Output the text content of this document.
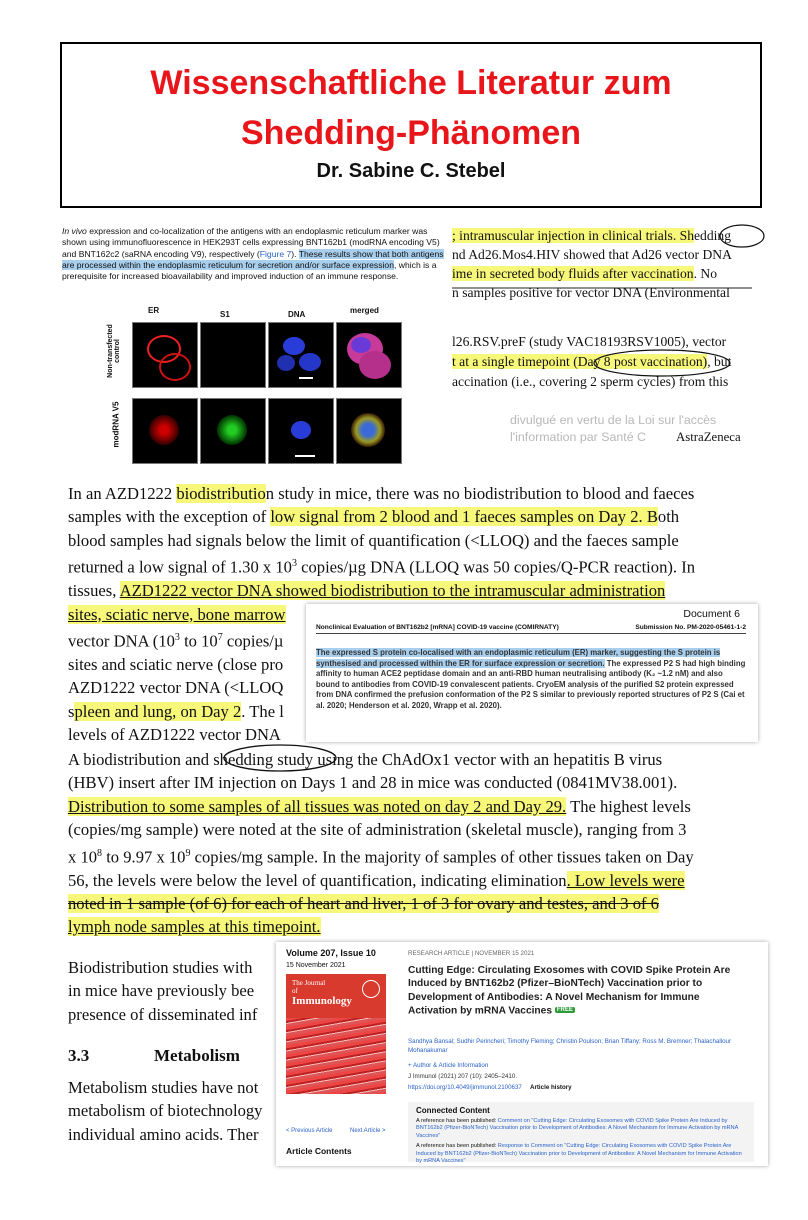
Wissenschaftliche Literatur zum
Shedding-Phänomen
Dr. Sabine C. Stebel
In vivo expression and co-localization of the antigens with an endoplasmic reticulum marker was shown using immunofluorescence in HEK293T cells expressing BNT162b1 (modRNA encoding V5) and BNT162c2 (saRNA encoding V9), respectively (Figure 7). These results show that both antigens are processed within the endoplasmic reticulum for secretion and/or surface expression, which is a prerequisite for increased bioavailability and improved induction of an immune response.
ER	S1	DNA	merged
Non-transfected control
modRNA V5
; intramuscular injection in clinical trials. Shedding
nd Ad26.Mos4.HIV showed that Ad26 vector DNA
ime in secreted body fluids after vaccination. No
n samples positive for vector DNA (Environmental
l26.RSV.preF (study VAC18193RSV1005), vector
t at a single timepoint (Day 8 post vaccination), but
accination (i.e., covering 2 sperm cycles) from this
divulgué en vertu de la Loi sur l'accès
l'information par Santé C	AstraZeneca
In an AZD1222 biodistribution study in mice, there was no biodistribution to blood and faeces
samples with the exception of low signal from 2 blood and 1 faeces samples on Day 2. Both
blood samples had signals below the limit of quantification (<LLOQ) and the faeces sample
returned a low signal of 1.30 x $10^3$ copies/µg DNA (LLOQ was 50 copies/Q-PCR reaction). In
tissues, AZD1222 vector DNA showed biodistribution to the intramuscular administration
sites, sciatic nerve, bone marrow
vector DNA ($10^3$ to $10^7$ copies/µ
sites and sciatic nerve (close pro
AZD1222 vector DNA (<LLOQ
spleen and lung, on Day 2. The l
levels of AZD1222 vector DNA
Document 6
Nonclinical Evaluation of BNT162b2 [mRNA] COVID-19 vaccine (COMIRNATY)	Submission No. PM-2020-05461-1-2
The expressed S protein co-localised with an endoplasmic reticulum (ER) marker, suggesting the S protein is synthesised and processed within the ER for surface expression or secretion. The expressed P2 S had high binding affinity to human ACE2 peptidase domain and an anti-RBD human neutralising antibody (K₂ ~1.2 nM) and also bound to antibodies from COVID-19 convalescent patients. CryoEM analysis of the purified S2 protein expressed from DNA confirmed the prefusion conformation of the P2 S similar to previously reported structures of P2 S (Cai et al. 2020; Henderson et al. 2020, Wrapp et al. 2020).
A biodistribution and shedding study using the ChAdOx1 vector with an hepatitis B virus
(HBV) insert after IM injection on Days 1 and 28 in mice was conducted (0841MV38.001).
Distribution to some samples of all tissues was noted on day 2 and Day 29. The highest levels
(copies/mg sample) were noted at the site of administration (skeletal muscle), ranging from 3
x $10^8$ to 9.97 x $10^9$ copies/mg sample. In the majority of samples of other tissues taken on Day
56, the levels were below the level of quantification, indicating elimination. Low levels were
noted in 1 sample (of 6) for each of heart and liver, 1 of 3 for ovary and testes, and 3 of 6
lymph node samples at this timepoint.
Biodistribution studies with
in mice have previously bee
presence of disseminated inf
3.3	Metabolism
Metabolism studies have not
metabolism of biotechnology
individual amino acids. Ther
Volume 207, Issue 10
15 November 2021
The Journal
of
Immunology
< Previous Article	Next Article >
Article Contents
RESEARCH ARTICLE | NOVEMBER 15 2021
Cutting Edge: Circulating Exosomes with COVID Spike Protein Are Induced by BNT162b2 (Pfizer–BioNTech) Vaccination prior to Development of Antibodies: A Novel Mechanism for Immune Activation by mRNA Vaccines FREE
Sandhya Bansal; Sudhir Perincheri; Timothy Fleming; Christin Poulson; Brian Tiffany; Ross M. Bremner; Thalachallour Mohanakumar
+ Author & Article Information
J Immunol (2021) 207 (10): 2405–2410.
https://doi.org/10.4049/jimmunol.2100637 Article history
Connected Content
A reference has been published: Comment on "Cutting Edge: Circulating Exosomes with COVID Spike Protein Are Induced by BNT162b2 (Pfizer-BioNTech) Vaccination prior to Development of Antibodies: A Novel Mechanism for Immune Activation by mRNA Vaccines"
A reference has been published: Response to Comment on "Cutting Edge: Circulating Exosomes with COVID Spike Protein Are Induced by BNT162b2 (Pfizer-BioNTech) Vaccination prior to Development of Antibodies: A Novel Mechanism for Immune Activation by mRNA Vaccines"
